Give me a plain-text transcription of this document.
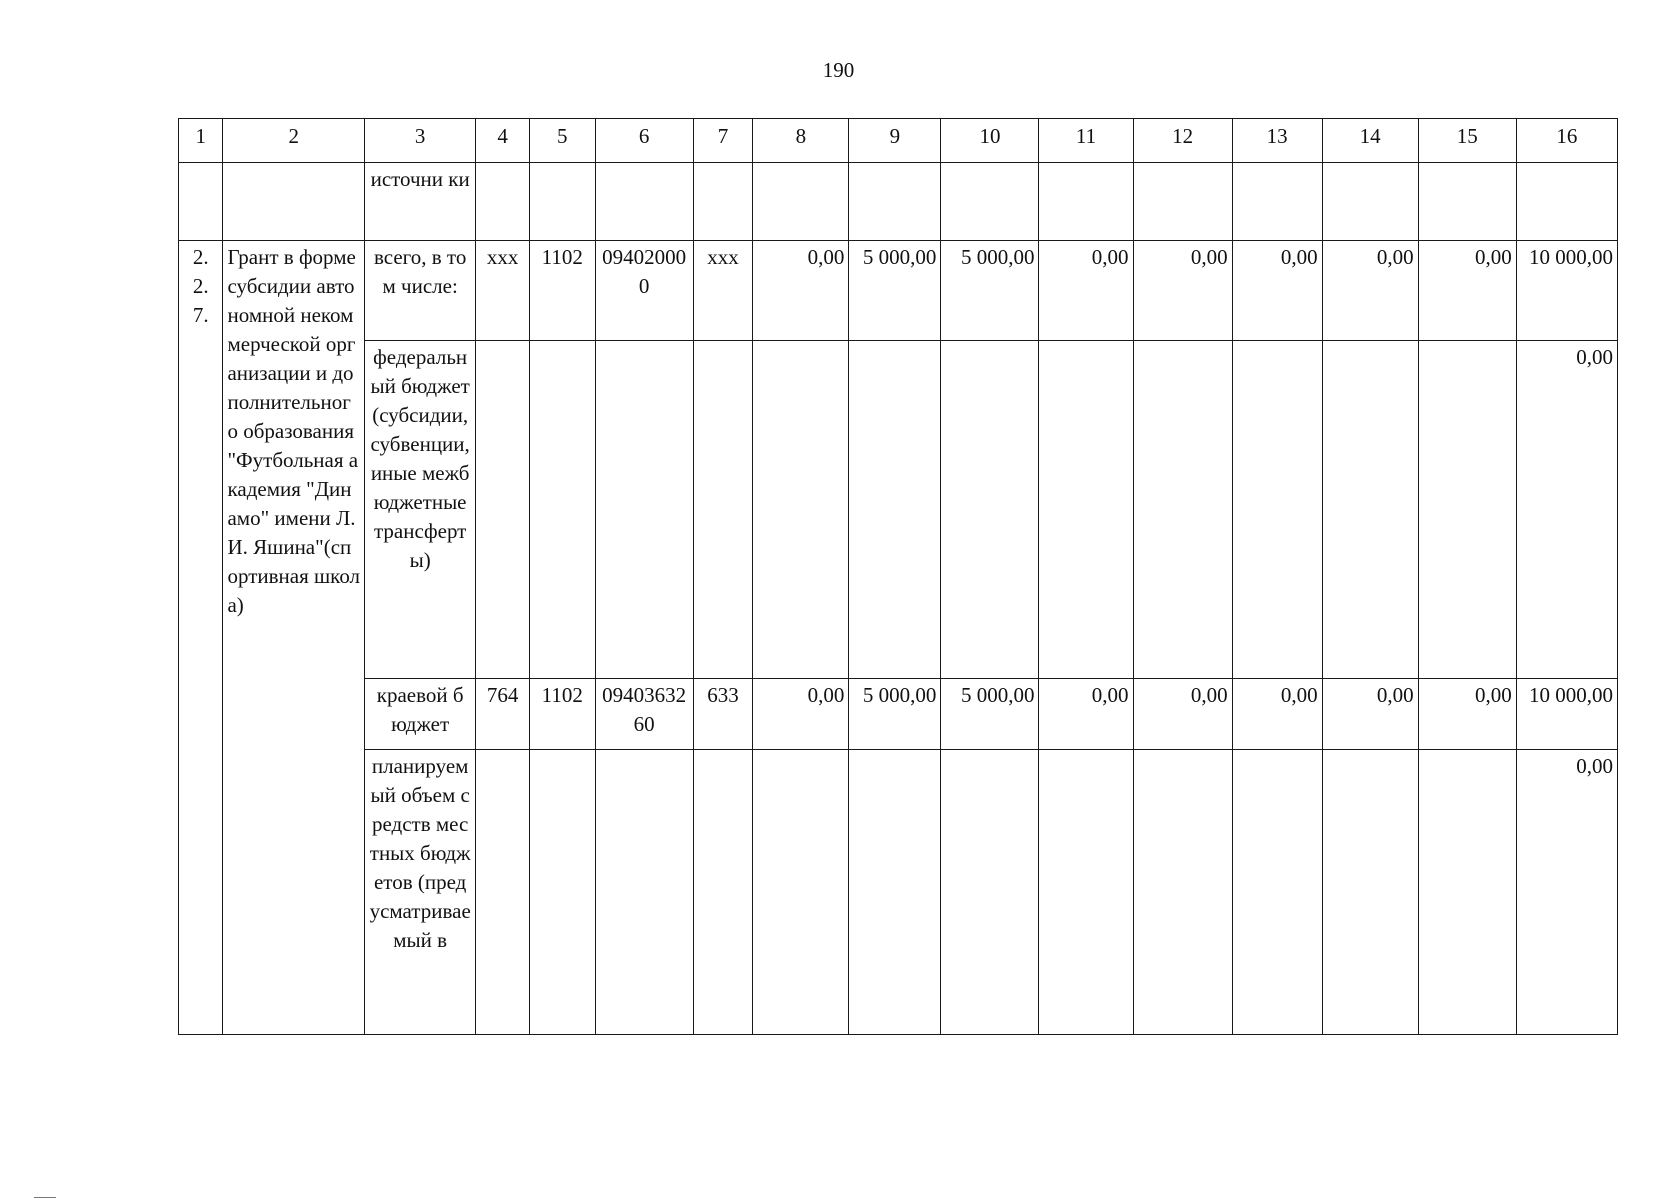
190
1	2	3	4	5	6	7	8	9	10	11	12	13	14	15	16
		источни ки													
2. 2. 7.	Грант в форме субсидии автономной некоммерческой организации и дополнительного образования "Футбольная академия "Динамо" имени Л.И. Яшина"(спортивная школа)	всего, в том числе:	ххх	1102	094020000	ххх	0,00	5 000,00	5 000,00	0,00	0,00	0,00	0,00	0,00	10 000,00
		федеральный бюджет (субсидии, субвенции, иные межбюджетные трансферты)													0,00
		краевой бюджет	764	1102	0940363260	633	0,00	5 000,00	5 000,00	0,00	0,00	0,00	0,00	0,00	10 000,00
		планируемый объем средств местных бюджетов (предусматриваемый в													0,00
